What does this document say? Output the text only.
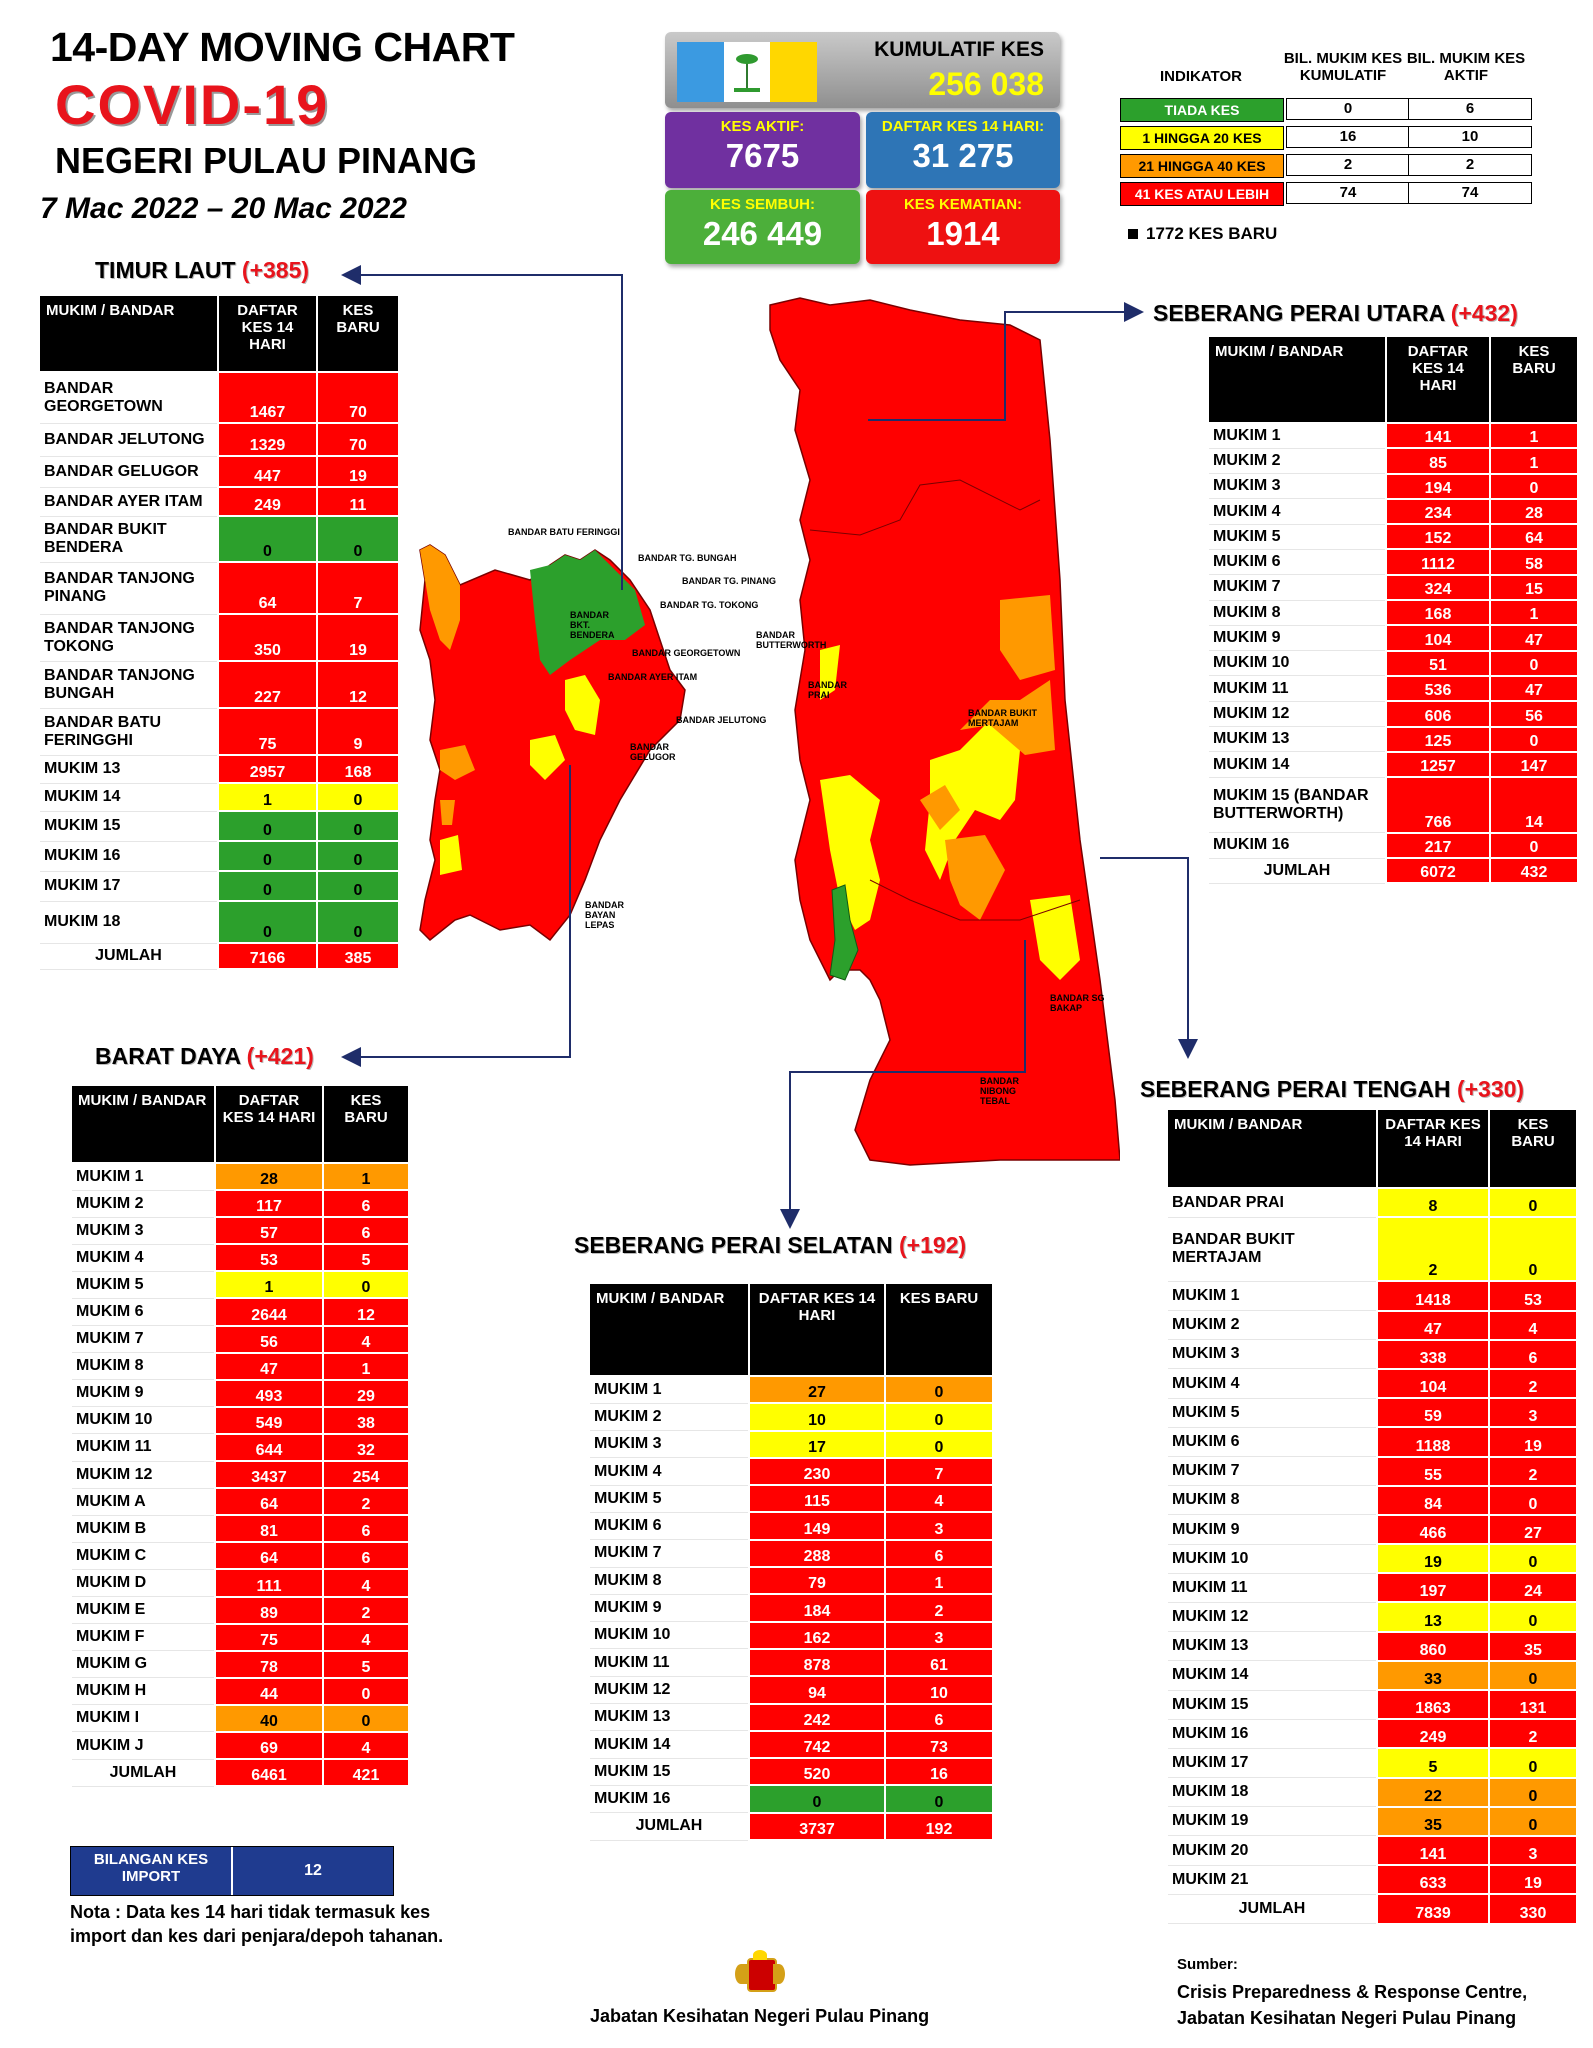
14-DAY MOVING CHART
COVID-19
NEGERI PULAU PINANG
7 Mac 2022 – 20 Mac 2022
KUMULATIF KES
256 038
KES AKTIF:
7675
DAFTAR KES 14 HARI:
31 275
KES SEMBUH:
246 449
KES KEMATIAN:
1914
INDIKATOR
BIL. MUKIM KES KUMULATIF
BIL. MUKIM KES AKTIF
TIADA KES	0	6
1 HINGGA 20 KES	16	10
21 HINGGA 40 KES	2	2
41 KES ATAU LEBIH	74	74
1772 KES BARU
TIMUR LAUT (+385)
BARAT DAYA (+421)
SEBERANG PERAI UTARA (+432)
SEBERANG PERAI TENGAH (+330)
SEBERANG PERAI SELATAN (+192)
MUKIM / BANDAR	DAFTAR KES 14 HARI	KES BARU
BANDAR GEORGETOWN	1467	70
BANDAR JELUTONG	1329	70
BANDAR GELUGOR	447	19
BANDAR AYER ITAM	249	11
BANDAR BUKIT BENDERA	0	0
BANDAR TANJONG PINANG	64	7
BANDAR TANJONG TOKONG	350	19
BANDAR TANJONG BUNGAH	227	12
BANDAR BATU FERINGGHI	75	9
MUKIM 13	2957	168
MUKIM 14	1	0
MUKIM 15	0	0
MUKIM 16	0	0
MUKIM 17	0	0
MUKIM 18	0	0
JUMLAH	7166	385
MUKIM / BANDAR	DAFTAR KES 14 HARI	KES BARU
MUKIM 1	28	1
MUKIM 2	117	6
MUKIM 3	57	6
MUKIM 4	53	5
MUKIM 5	1	0
MUKIM 6	2644	12
MUKIM 7	56	4
MUKIM 8	47	1
MUKIM 9	493	29
MUKIM 10	549	38
MUKIM 11	644	32
MUKIM 12	3437	254
MUKIM A	64	2
MUKIM B	81	6
MUKIM C	64	6
MUKIM D	111	4
MUKIM E	89	2
MUKIM F	75	4
MUKIM G	78	5
MUKIM H	44	0
MUKIM I	40	0
MUKIM J	69	4
JUMLAH	6461	421
MUKIM / BANDAR	DAFTAR KES 14 HARI	KES BARU
MUKIM 1	141	1
MUKIM 2	85	1
MUKIM 3	194	0
MUKIM 4	234	28
MUKIM 5	152	64
MUKIM 6	1112	58
MUKIM 7	324	15
MUKIM 8	168	1
MUKIM 9	104	47
MUKIM 10	51	0
MUKIM 11	536	47
MUKIM 12	606	56
MUKIM 13	125	0
MUKIM 14	1257	147
MUKIM 15 (BANDAR BUTTERWORTH)	766	14
MUKIM 16	217	0
JUMLAH	6072	432
MUKIM / BANDAR	DAFTAR KES 14 HARI	KES BARU
BANDAR PRAI	8	0
BANDAR BUKIT MERTAJAM	2	0
MUKIM 1	1418	53
MUKIM 2	47	4
MUKIM 3	338	6
MUKIM 4	104	2
MUKIM 5	59	3
MUKIM 6	1188	19
MUKIM 7	55	2
MUKIM 8	84	0
MUKIM 9	466	27
MUKIM 10	19	0
MUKIM 11	197	24
MUKIM 12	13	0
MUKIM 13	860	35
MUKIM 14	33	0
MUKIM 15	1863	131
MUKIM 16	249	2
MUKIM 17	5	0
MUKIM 18	22	0
MUKIM 19	35	0
MUKIM 20	141	3
MUKIM 21	633	19
JUMLAH	7839	330
MUKIM / BANDAR	DAFTAR KES 14 HARI	KES BARU
MUKIM 1	27	0
MUKIM 2	10	0
MUKIM 3	17	0
MUKIM 4	230	7
MUKIM 5	115	4
MUKIM 6	149	3
MUKIM 7	288	6
MUKIM 8	79	1
MUKIM 9	184	2
MUKIM 10	162	3
MUKIM 11	878	61
MUKIM 12	94	10
MUKIM 13	242	6
MUKIM 14	742	73
MUKIM 15	520	16
MUKIM 16	0	0
JUMLAH	3737	192
BANDAR BATU FERINGGI
BANDAR TG. BUNGAH
BANDAR TG. PINANG
BANDAR TG. TOKONG
BANDAR BUTTERWORTH
BANDAR GEORGETOWN
BANDAR AYER ITAM
BANDAR JELUTONG
BANDAR GELUGOR
BANDAR BKT. BENDERA
BANDAR PRAI
BANDAR BUKIT MERTAJAM
BANDAR SG BAKAP
BANDAR NIBONG TEBAL
BANDAR BAYAN LEPAS
BILANGAN KES IMPORT	12
Nota : Data kes 14 hari tidak termasuk kes import dan kes dari penjara/depoh tahanan.
Jabatan Kesihatan Negeri Pulau Pinang
Sumber:
Crisis Preparedness & Response Centre,
Jabatan Kesihatan Negeri Pulau Pinang
